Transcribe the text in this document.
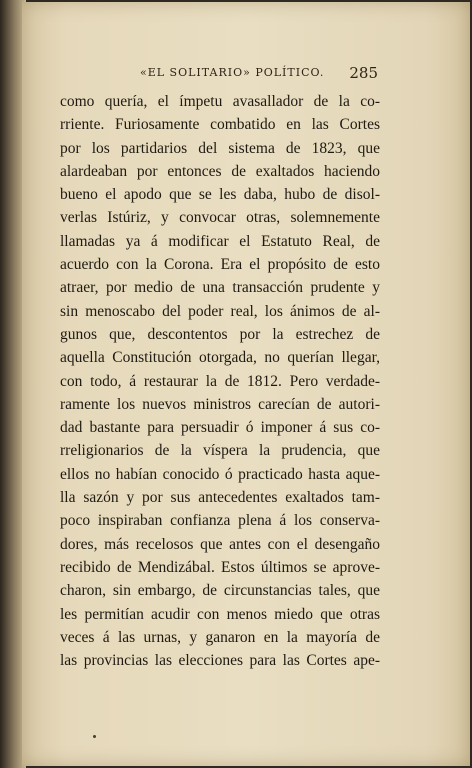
«EL SOLITARIO» POLÍTICO. 285
como quería, el ímpetu avasallador de la co-
rriente. Furiosamente combatido en las Cortes
por los partidarios del sistema de 1823, que
alardeaban por entonces de exaltados haciendo
bueno el apodo que se les daba, hubo de disol-
verlas Istúriz, y convocar otras, solemnemente
llamadas ya á modificar el Estatuto Real, de
acuerdo con la Corona. Era el propósito de esto
atraer, por medio de una transacción prudente y
sin menoscabo del poder real, los ánimos de al-
gunos que, descontentos por la estrechez de
aquella Constitución otorgada, no querían llegar,
con todo, á restaurar la de 1812. Pero verdade-
ramente los nuevos ministros carecían de autori-
dad bastante para persuadir ó imponer á sus co-
rreligionarios de la víspera la prudencia, que
ellos no habían conocido ó practicado hasta aque-
lla sazón y por sus antecedentes exaltados tam-
poco inspiraban confianza plena á los conserva-
dores, más recelosos que antes con el desengaño
recibido de Mendizábal. Estos últimos se aprove-
charon, sin embargo, de circunstancias tales, que
les permitían acudir con menos miedo que otras
veces á las urnas, y ganaron en la mayoría de
las provincias las elecciones para las Cortes ape-
